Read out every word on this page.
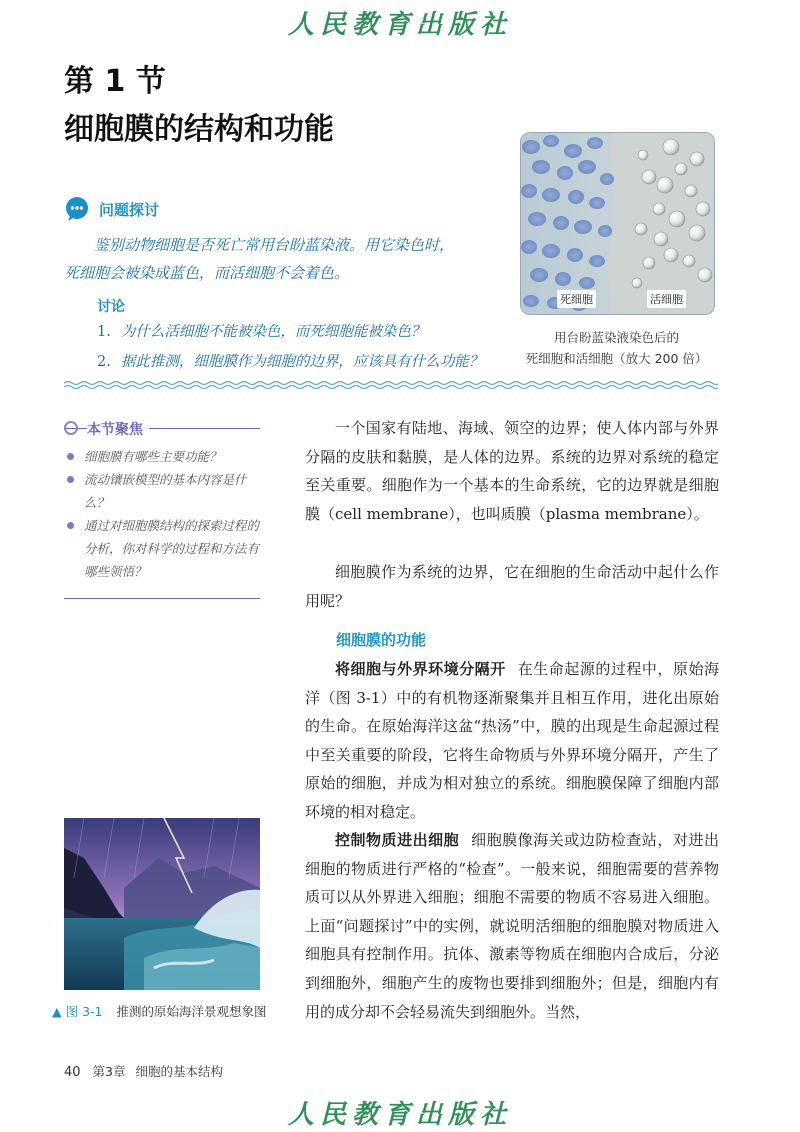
人民教育出版社
第 1 节
细胞膜的结构和功能
死细胞	活细胞
用台盼蓝染液染色后的
死细胞和活细胞（放大 200 倍）
问题探讨
鉴别动物细胞是否死亡常用台盼蓝染液。用它染色时，
死细胞会被染成蓝色，而活细胞不会着色。
讨论
1. 为什么活细胞不能被染色，而死细胞能被染色？
2. 据此推测，细胞膜作为细胞的边界，应该具有什么功能？
本节聚焦
细胞膜有哪些主要功能？
流动镶嵌模型的基本内容是什么？
通过对细胞膜结构的探索过程的分析，你对科学的过程和方法有哪些领悟？

一个国家有陆地、海域、领空的边界；使人体内部与外界分隔的皮肤和黏膜，是人体的边界。系统的边界对系统的稳定至关重要。细胞作为一个基本的生命系统，它的边界就是细胞膜（cell membrane），也叫质膜（plasma membrane）。

细胞膜作为系统的边界，它在细胞的生命活动中起什么作用呢？

细胞膜的功能

将细胞与外界环境分隔开 在生命起源的过程中，原始海洋（图 3-1）中的有机物逐渐聚集并且相互作用，进化出原始的生命。在原始海洋这盆“热汤”中，膜的出现是生命起源过程中至关重要的阶段，它将生命物质与外界环境分隔开，产生了原始的细胞，并成为相对独立的系统。细胞膜保障了细胞内部环境的相对稳定。

控制物质进出细胞 细胞膜像海关或边防检查站，对进出细胞的物质进行严格的“检查”。一般来说，细胞需要的营养物质可以从外界进入细胞；细胞不需要的物质不容易进入细胞。上面“问题探讨”中的实例，就说明活细胞的细胞膜对物质进入细胞具有控制作用。抗体、激素等物质在细胞内合成后，分泌到细胞外，细胞产生的废物也要排到细胞外；但是，细胞内有用的成分却不会轻易流失到细胞外。当然，

▲ 图 3-1 推测的原始海洋景观想象图
40 第3章 细胞的基本结构
人民教育出版社
